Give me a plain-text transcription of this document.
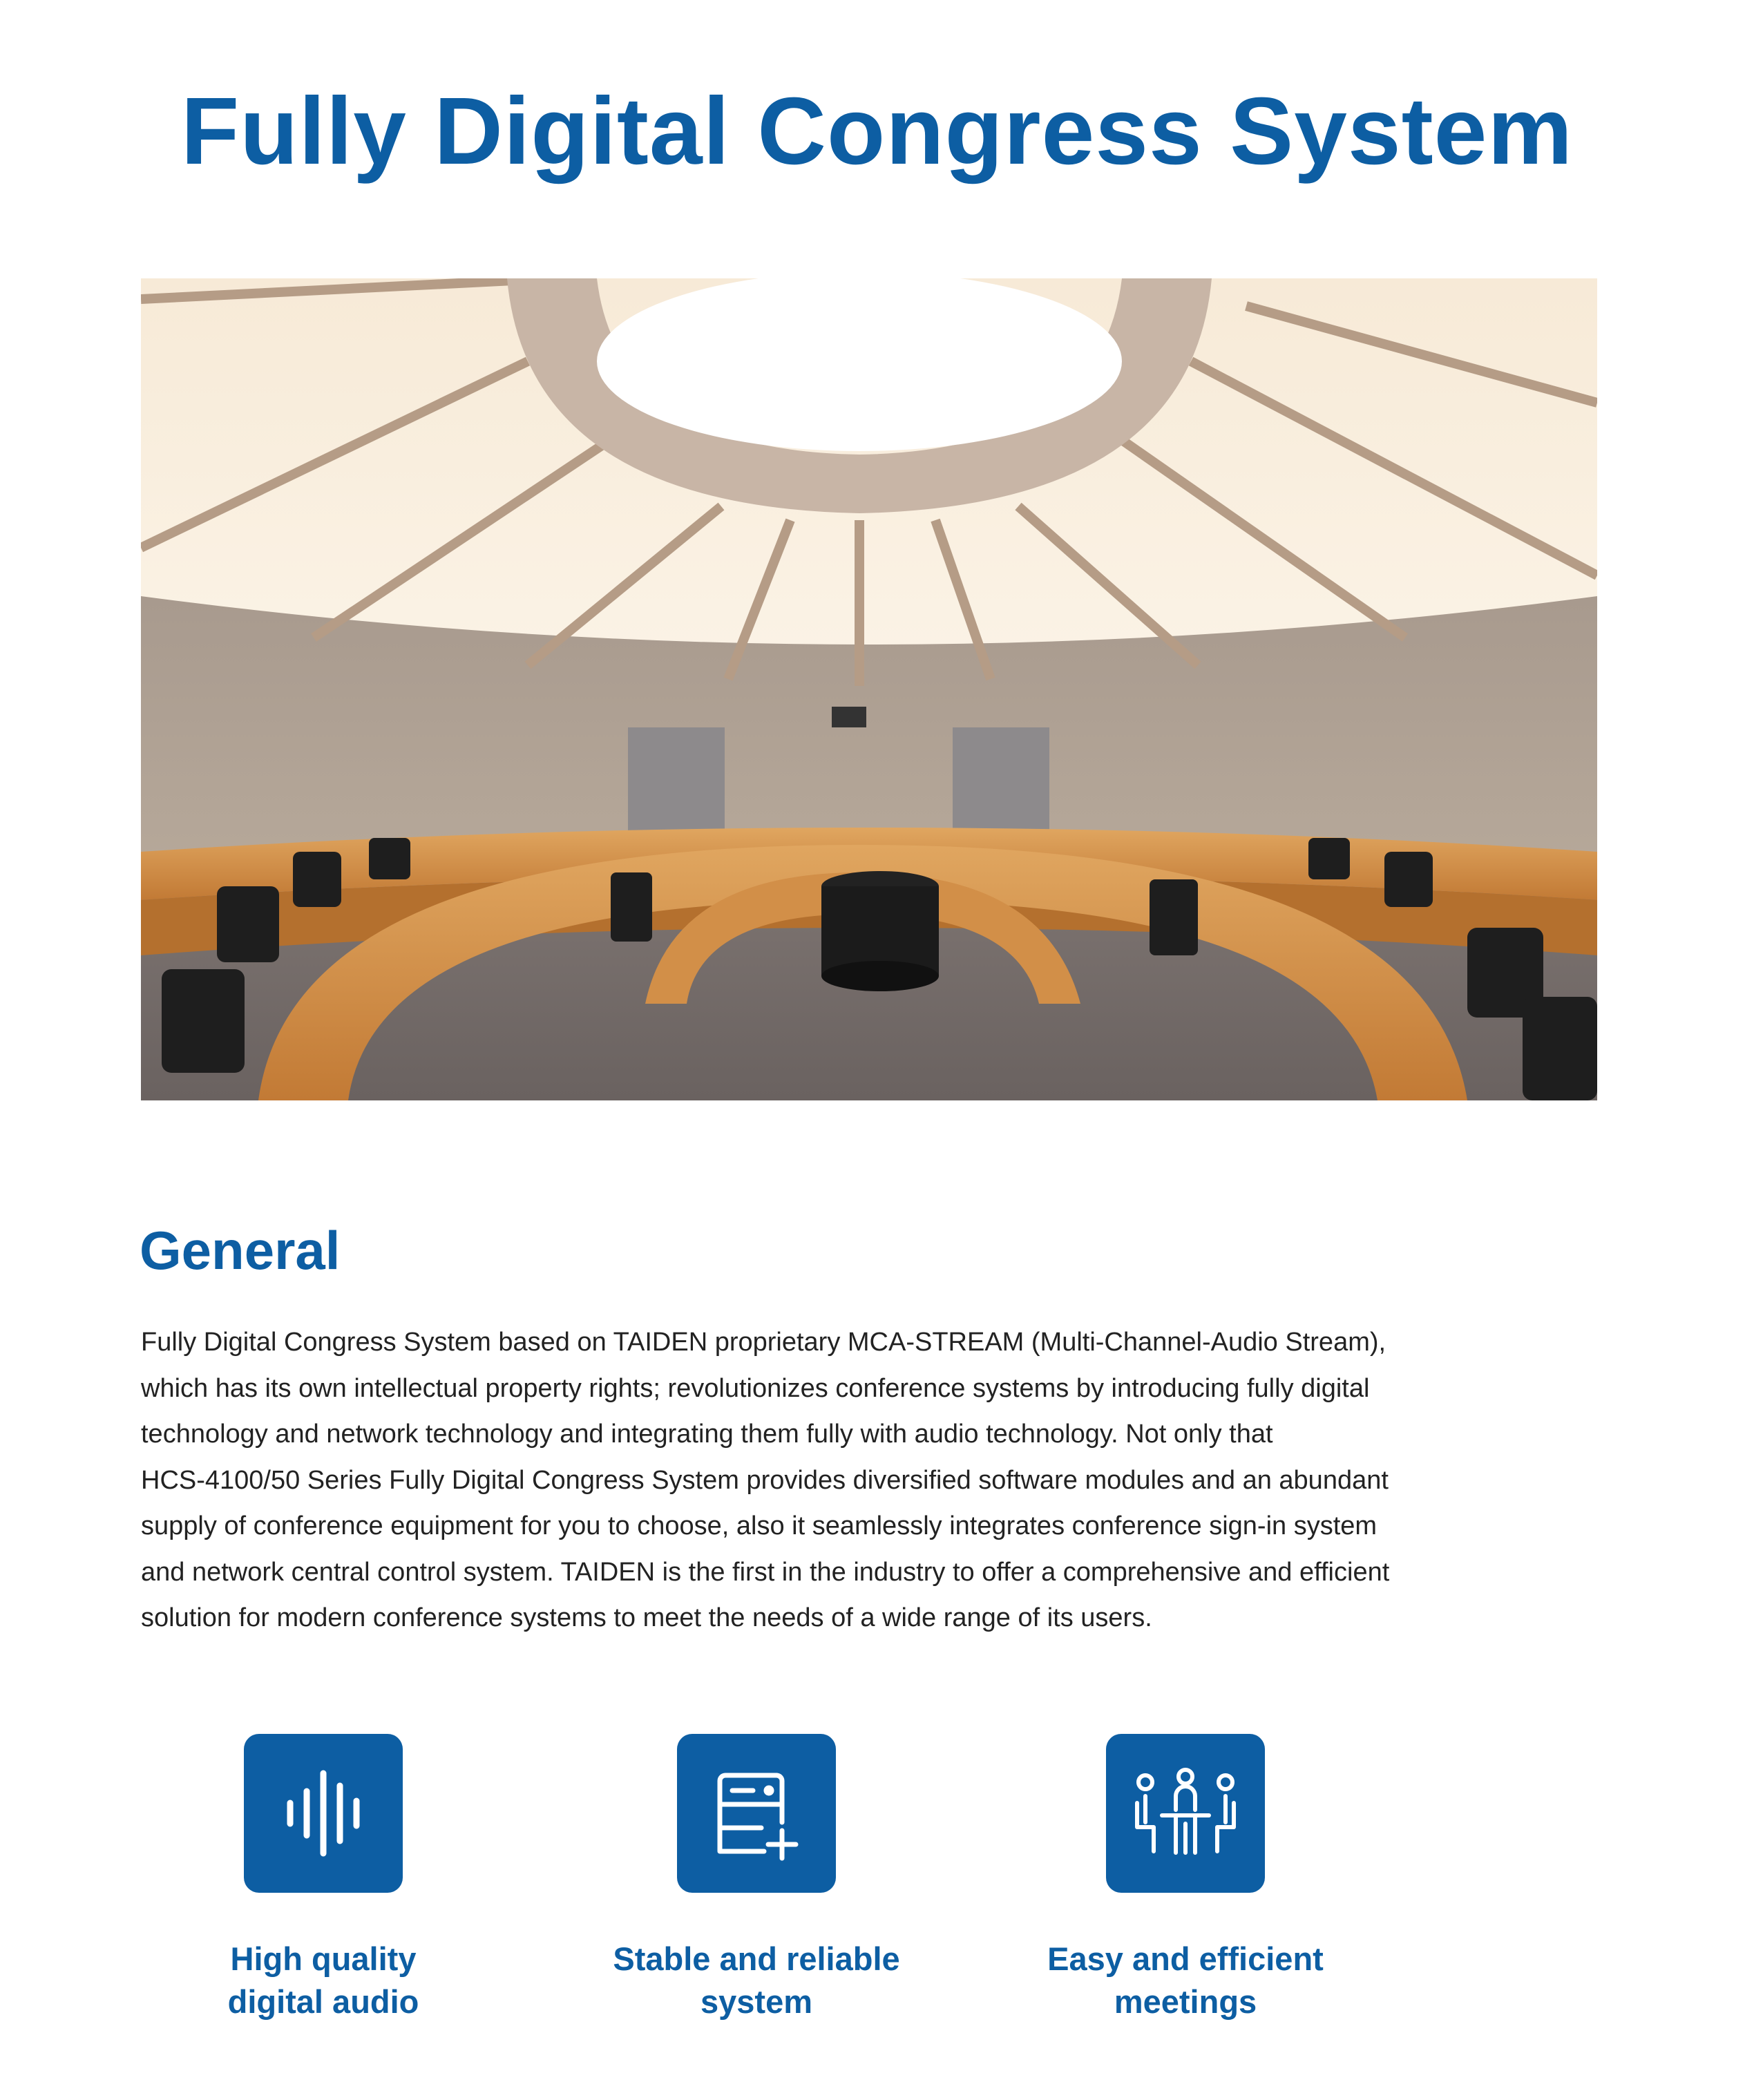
Fully Digital Congress System
General
Fully Digital Congress System based on TAIDEN proprietary MCA-STREAM (Multi-Channel-Audio Stream),
which has its own intellectual property rights; revolutionizes conference systems by introducing fully digital
technology and network technology and integrating them fully with audio technology. Not only that
HCS-4100/50 Series Fully Digital Congress System provides diversified software modules and an abundant
supply of conference equipment for you to choose, also it seamlessly integrates conference sign-in system
and network central control system. TAIDEN is the first in the industry to offer a comprehensive and efficient
solution for modern conference systems to meet the needs of a wide range of its users.
High quality
digital audio
Stable and reliable
system
Easy and efficient
meetings
